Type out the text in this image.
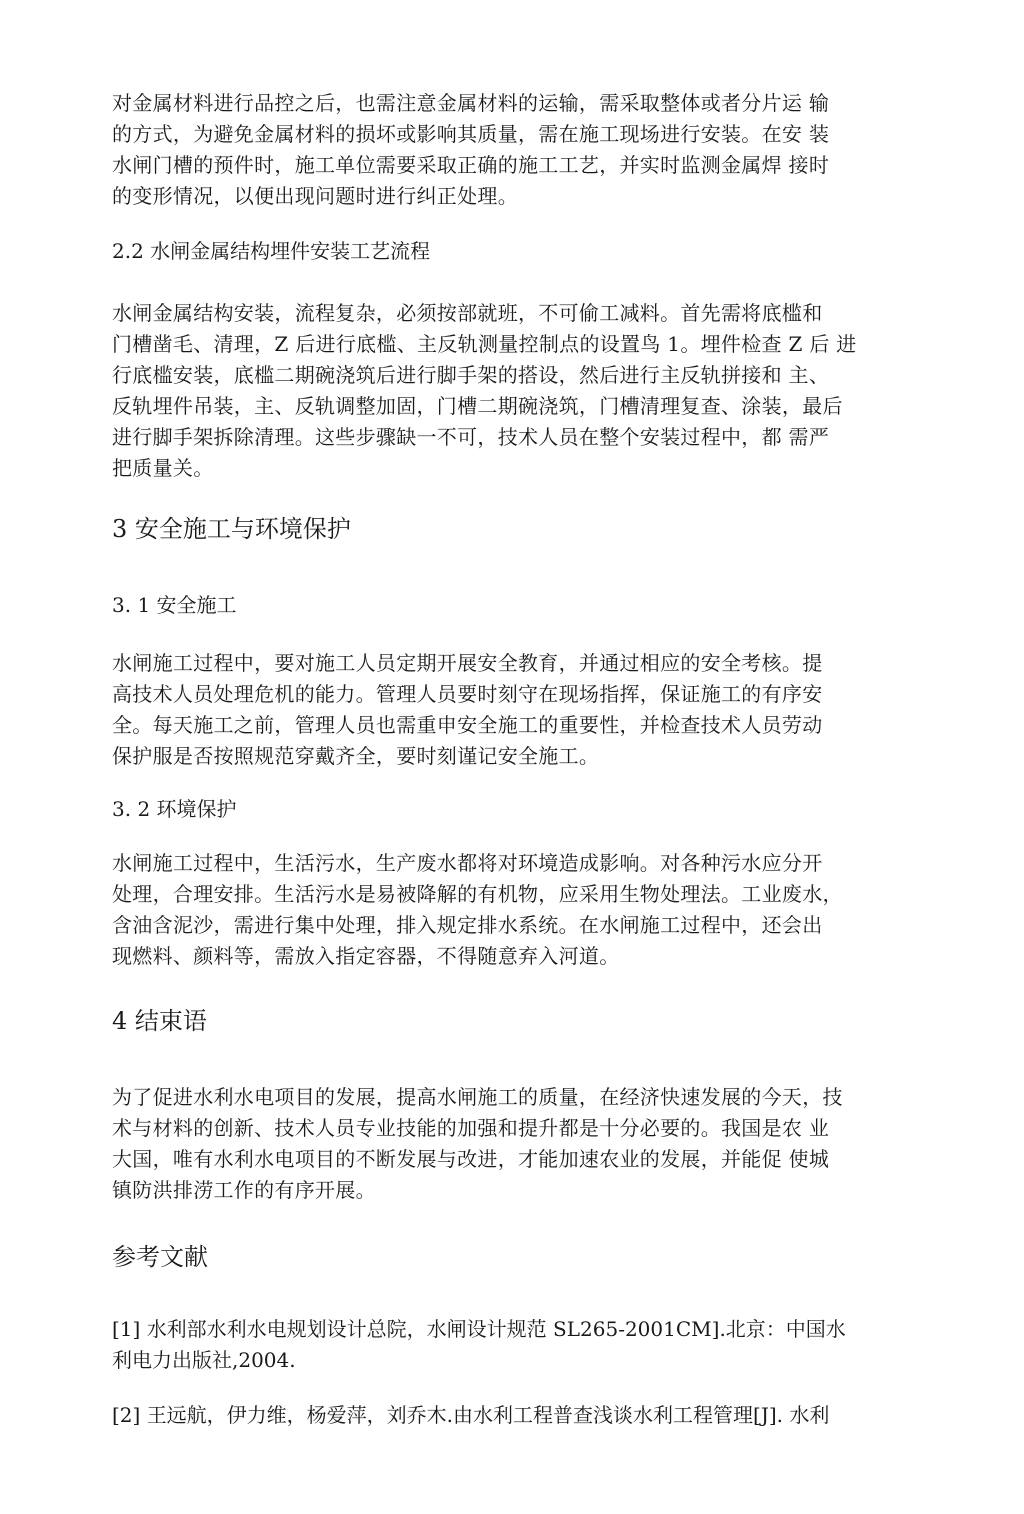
对金属材料进行品控之后，也需注意金属材料的运输，需采取整体或者分片运 输
的方式，为避免金属材料的损坏或影响其质量，需在施工现场进行安装。在安 装
水闸门槽的预件时，施工单位需要采取正确的施工工艺，并实时监测金属焊 接时
的变形情况，以便出现问题时进行纠正处理。

2.2 水闸金属结构埋件安装工艺流程

水闸金属结构安装，流程复杂，必须按部就班，不可偷工减料。首先需将底槛和
门槽凿毛、清理，Z 后进行底槛、主反轨测量控制点的设置鸟 1。埋件检查 Z 后 进
行底槛安装，底槛二期碗浇筑后进行脚手架的搭设，然后进行主反轨拼接和 主、
反轨埋件吊装，主、反轨调整加固，门槽二期碗浇筑，门槽清理复查、涂装，最后
进行脚手架拆除清理。这些步骤缺一不可，技术人员在整个安装过程中，都 需严
把质量关。

3 安全施工与环境保护

3. 1 安全施工

水闸施工过程中，要对施工人员定期开展安全教育，并通过相应的安全考核。提
高技术人员处理危机的能力。管理人员要时刻守在现场指挥，保证施工的有序安
全。每天施工之前，管理人员也需重申安全施工的重要性，并检查技术人员劳动
保护服是否按照规范穿戴齐全，要时刻谨记安全施工。

3. 2 环境保护

水闸施工过程中，生活污水，生产废水都将对环境造成影响。对各种污水应分开
处理，合理安排。生活污水是易被降解的有机物，应采用生物处理法。工业废水，
含油含泥沙，需进行集中处理，排入规定排水系统。在水闸施工过程中，还会出
现燃料、颜料等，需放入指定容器，不得随意弃入河道。

4 结束语

为了促进水利水电项目的发展，提高水闸施工的质量，在经济快速发展的今天，技
术与材料的创新、技术人员专业技能的加强和提升都是十分必要的。我国是农 业
大国，唯有水利水电项目的不断发展与改进，才能加速农业的发展，并能促 使城
镇防洪排涝工作的有序开展。

参考文献

[1] 水利部水利水电规划设计总院，水闸设计规范 SL265-2001CM].北京：中国水
利电力出版社,2004.

[2] 王远航，伊力维，杨爱萍，刘乔木.由水利工程普查浅谈水利工程管理[J]. 水利
